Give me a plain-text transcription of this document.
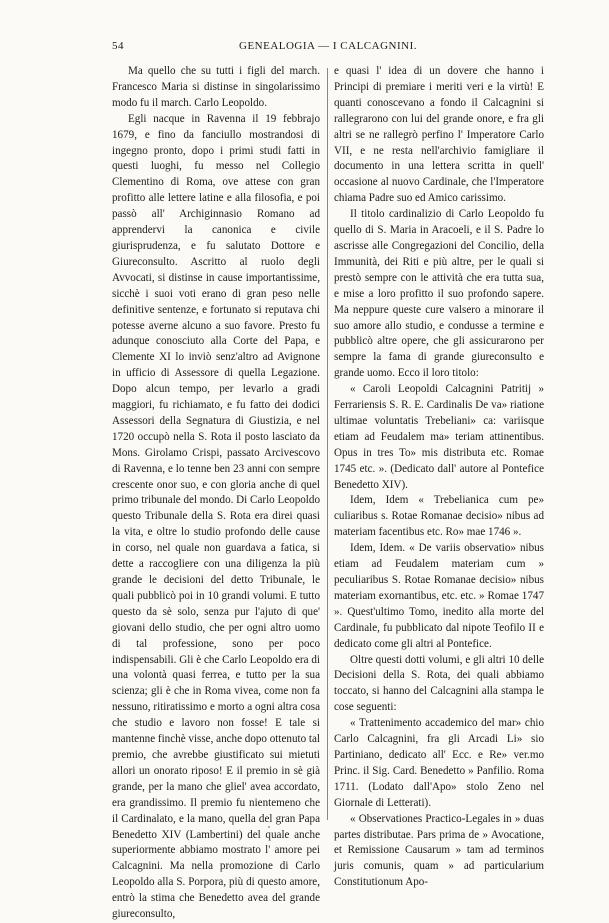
54	GENEALOGIA — I CALCAGNINI.

Ma quello che su tutti i figli del march. Francesco Maria si distinse in singolarissimo modo fu il march. Carlo Leopoldo.

Egli nacque in Ravenna il 19 febbrajo 1679, e fino da fanciullo mostrandosi di ingegno pronto, dopo i primi studi fatti in questi luoghi, fu messo nel Collegio Clementino di Roma, ove attese con gran profitto alle lettere latine e alla filosofia, e poi passò all' Archiginnasio Romano ad apprendervi la canonica e civile giurisprudenza, e fu salutato Dottore e Giureconsulto. Ascritto al ruolo degli Avvocati, si distinse in cause importantissime, sicchè i suoi voti erano di gran peso nelle definitive sentenze, e fortunato si reputava chi potesse averne alcuno a suo favore. Presto fu adunque conosciuto alla Corte del Papa, e Clemente XI lo inviò senz'altro ad Avignone in ufficio di Assessore di quella Legazione. Dopo alcun tempo, per levarlo a gradi maggiori, fu richiamato, e fu fatto dei dodici Assessori della Segnatura di Giustizia, e nel 1720 occupò nella S. Rota il posto lasciato da Mons. Girolamo Crispi, passato Arcivescovo di Ravenna, e lo tenne ben 23 anni con sempre crescente onor suo, e con gloria anche di quel primo tribunale del mondo. Di Carlo Leopoldo questo Tribunale della S. Rota era direi quasi la vita, e oltre lo studio profondo delle cause in corso, nel quale non guardava a fatica, si dette a raccogliere con una diligenza la più grande le decisioni del detto Tribunale, le quali pubblicò poi in 10 grandi volumi. E tutto questo da sè solo, senza pur l'ajuto di que' giovani dello studio, che per ogni altro uomo di tal professione, sono per poco indispensabili. Gli è che Carlo Leopoldo era di una volontà quasi ferrea, e tutto per la sua scienza; gli è che in Roma vivea, come non fa nessuno, ritiratissimo e morto a ogni altra cosa che studio e lavoro non fosse! E tale si mantenne finchè visse, anche dopo ottenuto tal premio, che avrebbe giustificato sui mietuti allori un onorato riposo! E il premio in sè già grande, per la mano che gliel' avea accordato, era grandissimo. Il premio fu nientemeno che il Cardinalato, e la mano, quella del gran Papa Benedetto XIV (Lambertini) del quale anche superiormente abbiamo mostrato l' amore pei Calcagnini. Ma nella promozione di Carlo Leopoldo alla S. Porpora, più di questo amore, entrò la stima che Benedetto avea del grande giureconsulto,

e quasi l' idea di un dovere che hanno i Principi di premiare i meriti veri e la virtù! E quanti conoscevano a fondo il Calcagnini si rallegrarono con lui del grande onore, e fra gli altri se ne rallegrò perfino l' Imperatore Carlo VII, e ne resta nell'archivio famigliare il documento in una lettera scritta in quell' occasione al nuovo Cardinale, che l'Imperatore chiama Padre suo ed Amico carissimo.

Il titolo cardinalizio di Carlo Leopoldo fu quello di S. Maria in Aracoeli, e il S. Padre lo ascrisse alle Congregazioni del Concilio, della Immunità, dei Riti e più altre, per le quali si prestò sempre con le attività che era tutta sua, e mise a loro profitto il suo profondo sapere. Ma neppure queste cure valsero a minorare il suo amore allo studio, e condusse a termine e pubblicò altre opere, che gli assicurarono per sempre la fama di grande giureconsulto e grande uomo. Ecco il loro titolo:

« Caroli Leopoldi Calcagnini Patritij » Ferrariensis S. R. E. Cardinalis De va» riatione ultimae voluntatis Trebeliani» ca: variisque etiam ad Feudalem ma» teriam attinentibus. Opus in tres To» mis distributa etc. Romae 1745 etc. ». (Dedicato dall' autore al Pontefice Benedetto XIV).

Idem, Idem « Trebelianica cum pe» culiaribus s. Rotae Romanae decisio» nibus ad materiam facentibus etc. Ro» mae 1746 ».

Idem, Idem. « De variis observatio» nibus etiam ad Feudalem materiam cum » peculiaribus S. Rotae Romanae decisio» nibus materiam exornantibus, etc. etc. » Romae 1747 ». Quest'ultimo Tomo, inedito alla morte del Cardinale, fu pubblicato dal nipote Teofilo II e dedicato come gli altri al Pontefice.

Oltre questi dotti volumi, e gli altri 10 delle Decisioni della S. Rota, dei quali abbiamo toccato, si hanno del Calcagnini alla stampa le cose seguenti:

« Trattenimento accademico del mar» chio Carlo Calcagnini, fra gli Arcadi Li» sio Partiniano, dedicato all' Ecc. e Re» ver.mo Princ. il Sig. Card. Benedetto » Panfilio. Roma 1711. (Lodato dall'Apo» stolo Zeno nel Giornale di Letterati).

« Observationes Practico-Legales in » duas partes distributae. Pars prima de » Avocatione, et Remissione Causarum » tam ad terminos juris comunis, quam » ad particularium Constitutionum Apo-
